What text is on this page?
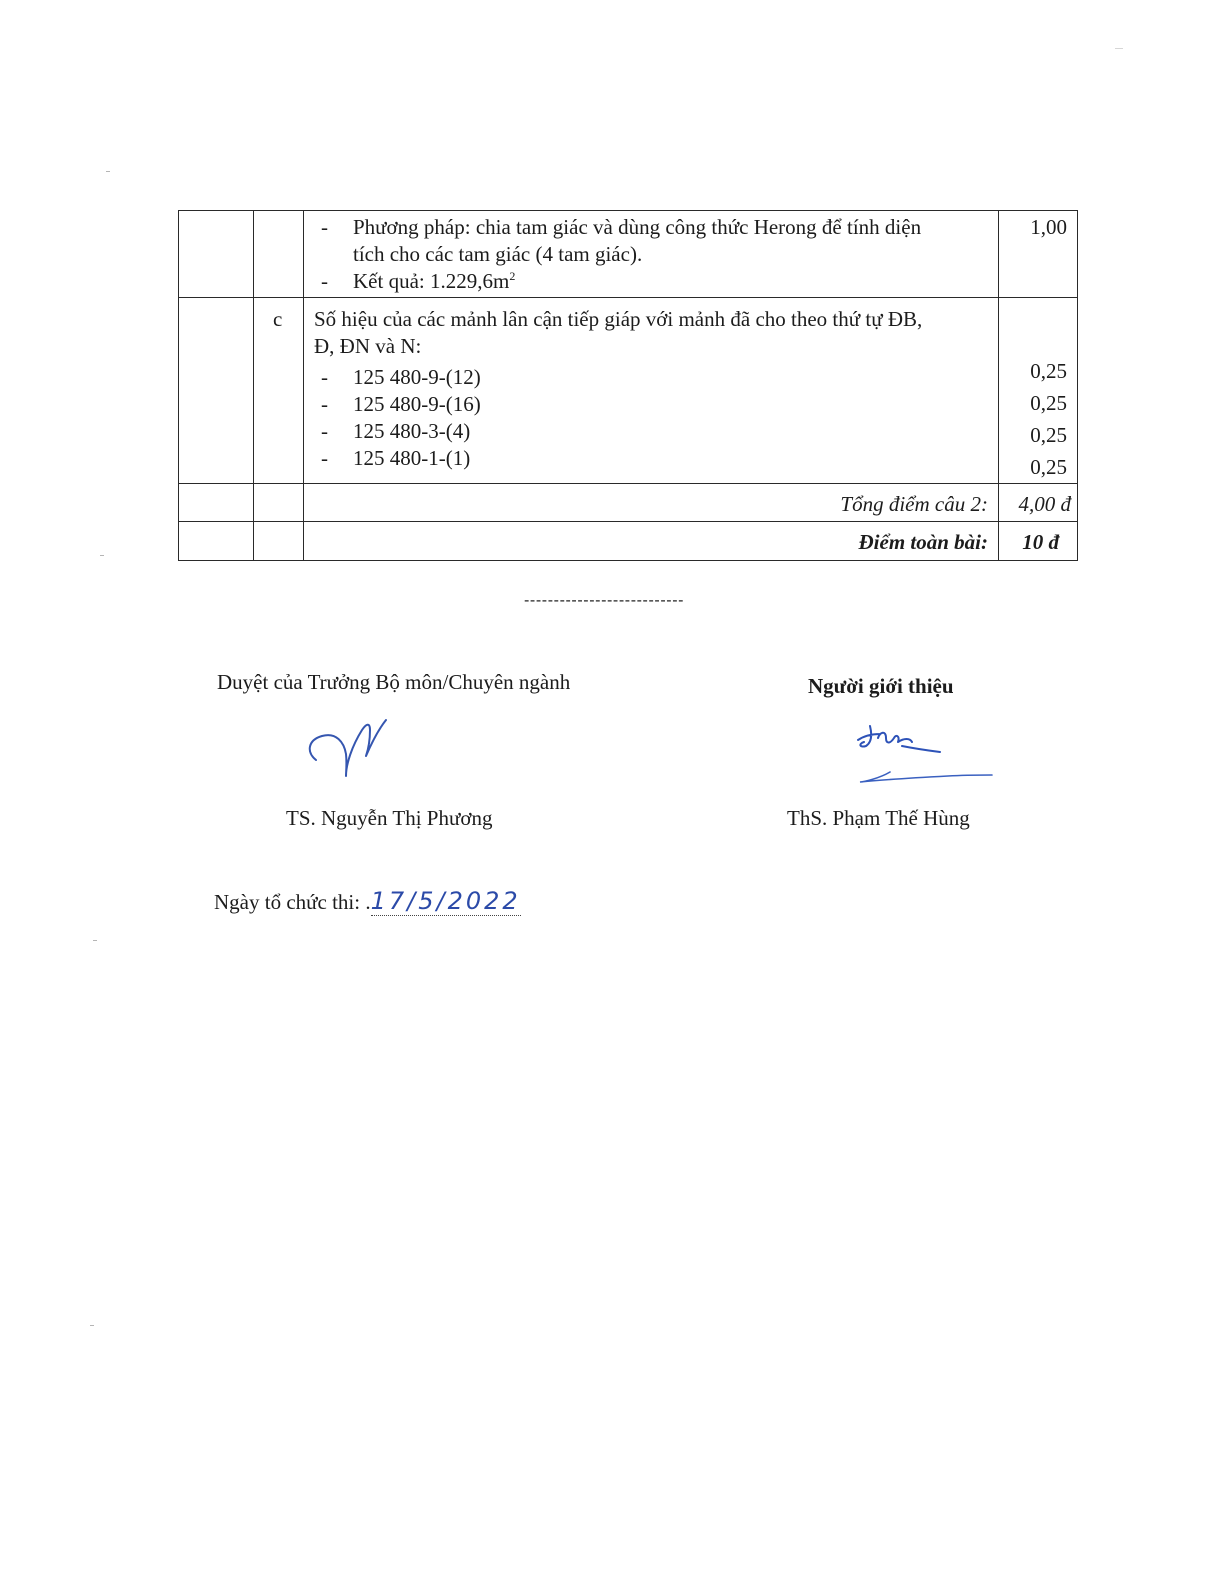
- Phương pháp: chia tam giác và dùng công thức Herong để tính diện
tích cho các tam giác (4 tam giác).
- Kết quả: $1.229,6m^2$
1,00
c Số hiệu của các mảnh lân cận tiếp giáp với mảnh đã cho theo thứ tự ĐB,
Đ, ĐN và N:
- 125 480-9-(12)
- 125 480-9-(16)
- 125 480-3-(4)
- 125 480-1-(1)
0,25
0,25
0,25
0,25
Tổng điểm câu 2: 4,00 đ
Điểm toàn bài: 10 đ
---------------------------
Duyệt của Trưởng Bộ môn/Chuyên ngành
TS. Nguyễn Thị Phương
Người giới thiệu
ThS. Phạm Thế Hùng
Ngày tổ chức thi: .17/5/2022
